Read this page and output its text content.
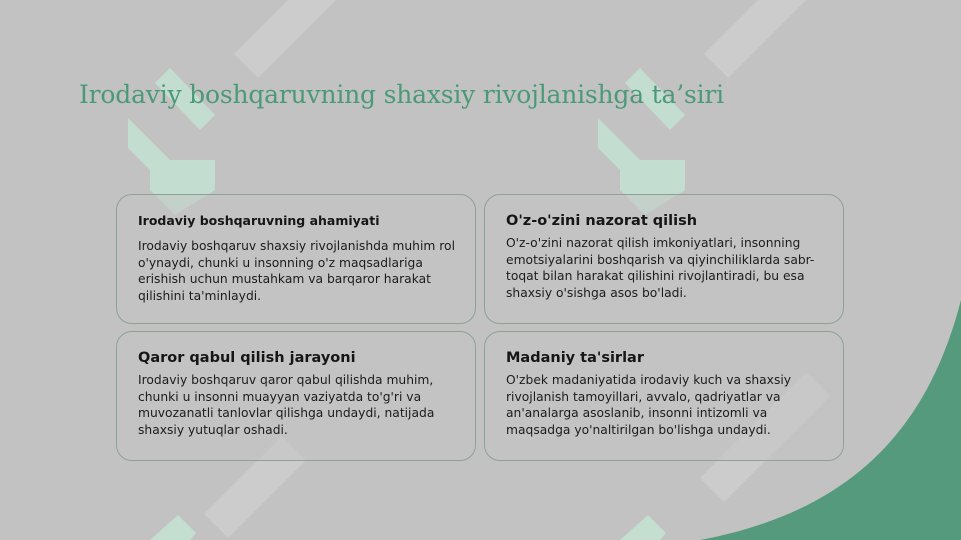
Irodaviy boshqaruvning shaxsiy rivojlanishga ta’siri
Irodaviy boshqaruvning ahamiyati

Irodaviy boshqaruv shaxsiy rivojlanishda muhim rol o'ynaydi, chunki u insonning o'z maqsadlariga erishish uchun mustahkam va barqaror harakat qilishini ta'minlaydi.

O'z-o'zini nazorat qilish

O'z-o'zini nazorat qilish imkoniyatlari, insonning emotsiyalarini boshqarish va qiyinchiliklarda sabr-toqat bilan harakat qilishini rivojlantiradi, bu esa shaxsiy o'sishga asos bo'ladi.

Qaror qabul qilish jarayoni

Irodaviy boshqaruv qaror qabul qilishda muhim, chunki u insonni muayyan vaziyatda to'g'ri va muvozanatli tanlovlar qilishga undaydi, natijada shaxsiy yutuqlar oshadi.

Madaniy ta'sirlar

O'zbek madaniyatida irodaviy kuch va shaxsiy rivojlanish tamoyillari, avvalo, qadriyatlar va an'analarga asoslanib, insonni intizomli va maqsadga yo'naltirilgan bo'lishga undaydi.
